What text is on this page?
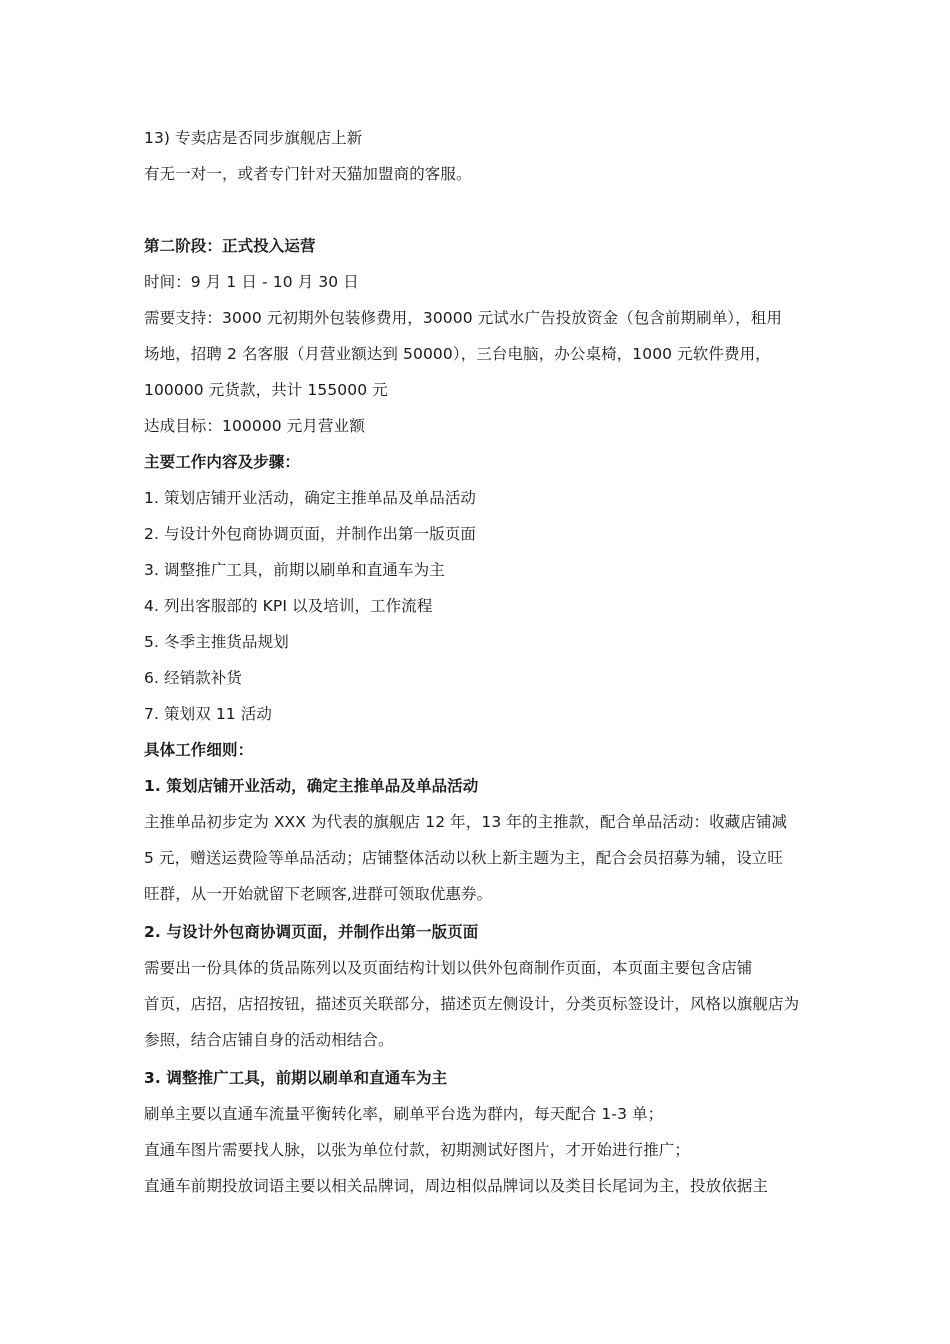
13) 专卖店是否同步旗舰店上新
有无一对一，或者专门针对天猫加盟商的客服。
第二阶段：正式投入运营
时间：9 月 1 日 - 10 月 30 日
需要支持：3000 元初期外包装修费用，30000 元试水广告投放资金（包含前期刷单），租用
场地，招聘 2 名客服（月营业额达到 50000），三台电脑，办公桌椅，1000 元软件费用，
100000 元货款，共计 155000 元
达成目标：100000 元月营业额
主要工作内容及步骤：
1. 策划店铺开业活动，确定主推单品及单品活动
2. 与设计外包商协调页面，并制作出第一版页面
3. 调整推广工具，前期以刷单和直通车为主
4. 列出客服部的 KPI 以及培训，工作流程
5. 冬季主推货品规划
6. 经销款补货
7. 策划双 11 活动
具体工作细则：
1. 策划店铺开业活动，确定主推单品及单品活动
主推单品初步定为 XXX 为代表的旗舰店 12 年，13 年的主推款，配合单品活动：收藏店铺减
5 元，赠送运费险等单品活动；店铺整体活动以秋上新主题为主，配合会员招募为辅，设立旺
旺群，从一开始就留下老顾客,进群可领取优惠券。
2. 与设计外包商协调页面，并制作出第一版页面
需要出一份具体的货品陈列以及页面结构计划以供外包商制作页面，本页面主要包含店铺
首页，店招，店招按钮，描述页关联部分，描述页左侧设计，分类页标签设计，风格以旗舰店为
参照，结合店铺自身的活动相结合。
3. 调整推广工具，前期以刷单和直通车为主
刷单主要以直通车流量平衡转化率，刷单平台选为群内，每天配合 1-3 单；
直通车图片需要找人脉，以张为单位付款，初期测试好图片，才开始进行推广；
直通车前期投放词语主要以相关品牌词，周边相似品牌词以及类目长尾词为主，投放依据主
